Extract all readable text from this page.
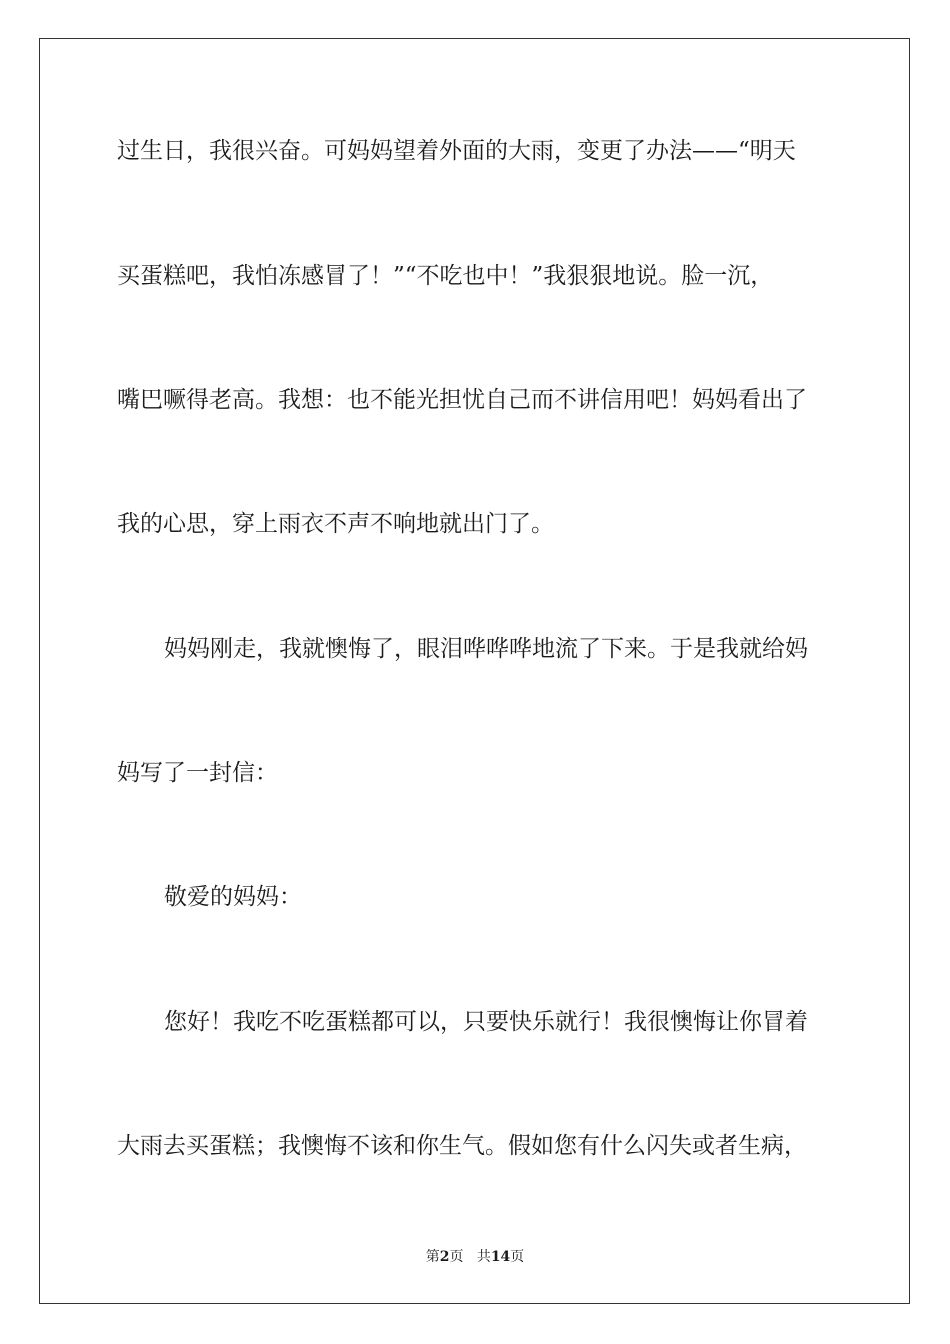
过生日，我很兴奋。可妈妈望着外面的大雨，变更了办法——“明天
买蛋糕吧，我怕冻感冒了！”“不吃也中！”我狠狠地说。脸一沉，
嘴巴噘得老高。我想：也不能光担忧自己而不讲信用吧！妈妈看出了
我的心思，穿上雨衣不声不响地就出门了。
妈妈刚走，我就懊悔了，眼泪哗哗哗地流了下来。于是我就给妈
妈写了一封信：
敬爱的妈妈：
您好！我吃不吃蛋糕都可以，只要快乐就行！我很懊悔让你冒着
大雨去买蛋糕；我懊悔不该和你生气。假如您有什么闪失或者生病，
第2页 共14页
